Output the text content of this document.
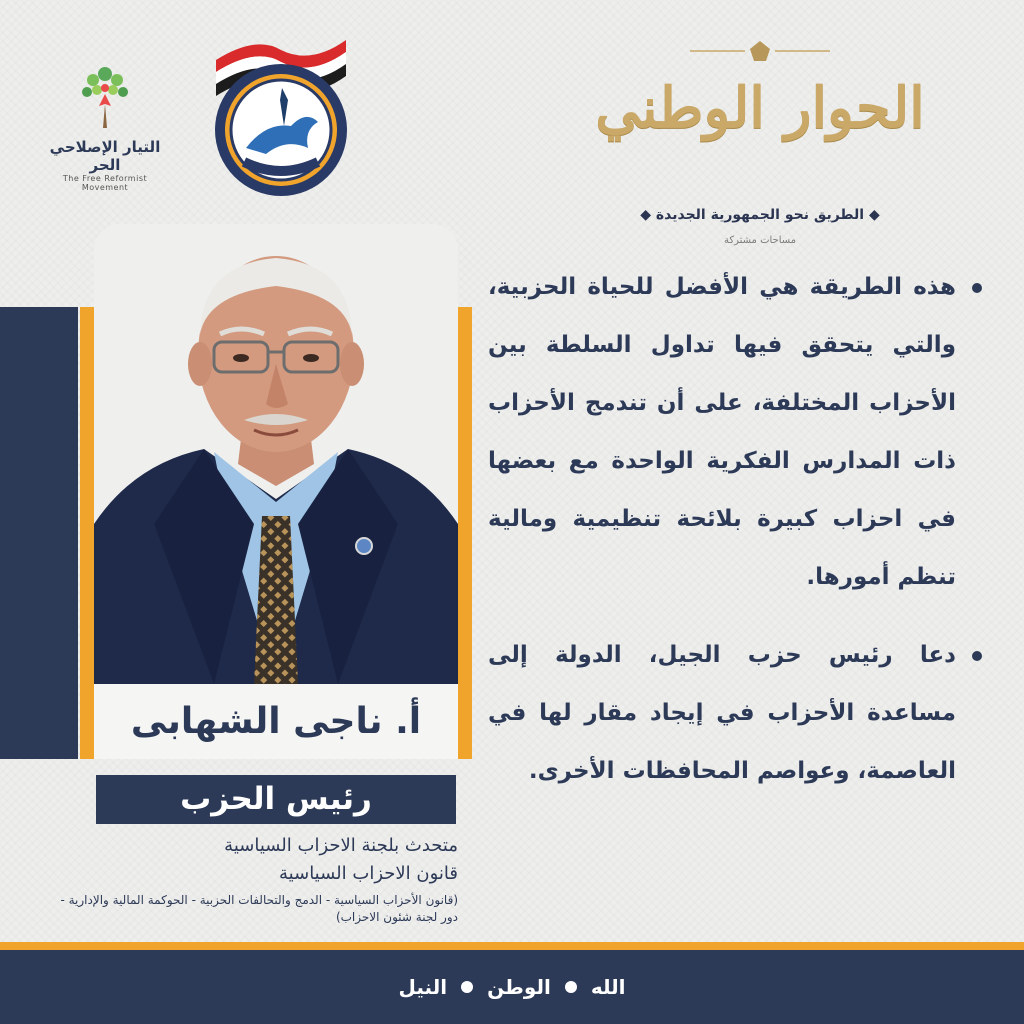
التيار الإصلاحي الحر
The Free Reformist Movement
الحوار الوطني
◆ الطريق نحو الجمهورية الجديدة ◆
مساحات مشتركة
أ. ناجى الشهابى
رئيس الحزب
متحدث بلجنة الاحزاب السياسية
قانون الاحزاب السياسية
(قانون الأحزاب السياسية - الدمج والتحالفات الحزبية - الحوكمة المالية والإدارية - دور لجنة شئون الاحزاب)
هذه الطريقة هي الأفضل للحياة الحزبية، والتي يتحقق فيها تداول السلطة بين الأحزاب المختلفة، على أن تندمج الأحزاب ذات المدارس الفكرية الواحدة مع بعضها في احزاب كبيرة بلائحة تنظيمية ومالية تنظم أمورها.
دعا رئيس حزب الجيل، الدولة إلى مساعدة الأحزاب في إيجاد مقار لها في العاصمة، وعواصم المحافظات الأخرى.
الله
الوطن
النيل
